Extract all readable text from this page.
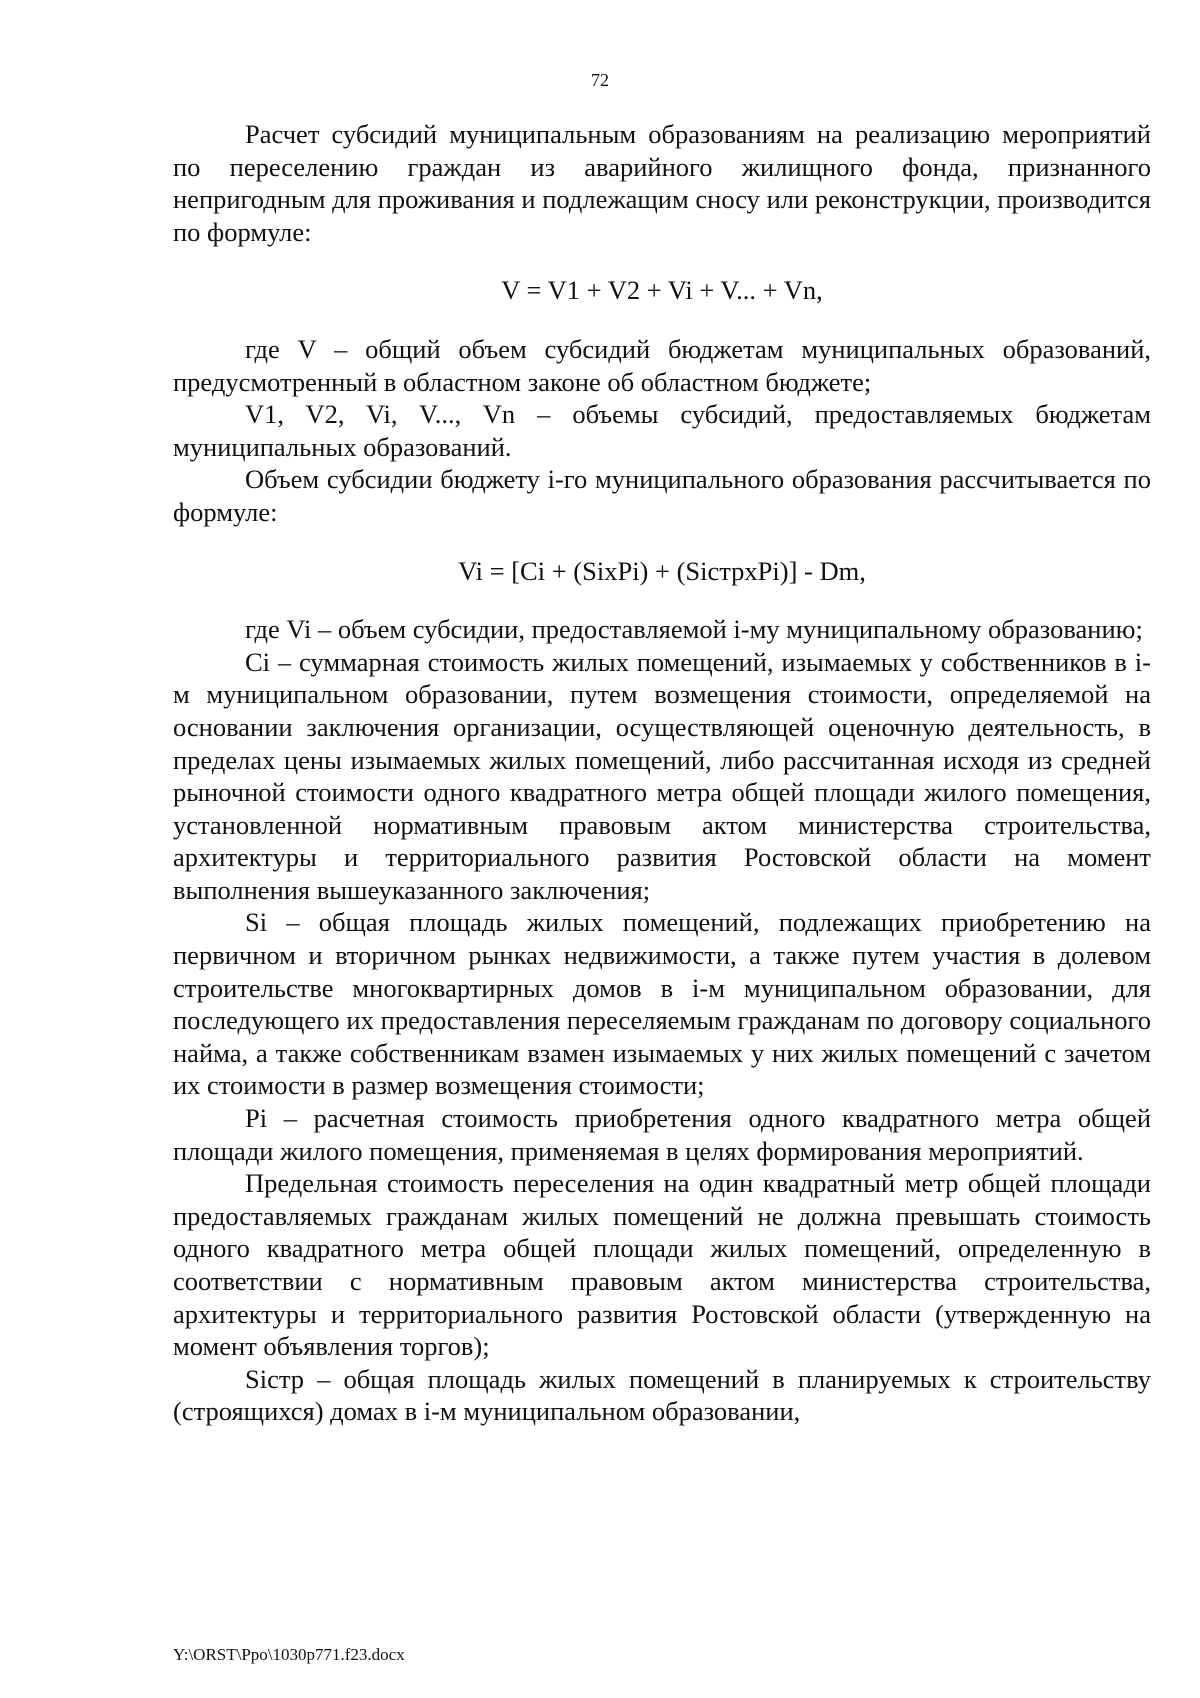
72

Расчет субсидий муниципальным образованиям на реализацию мероприятий по переселению граждан из аварийного жилищного фонда, признанного непригодным для проживания и подлежащим сносу или реконструкции, производится по формуле:

V = V1 + V2 + Vi + V... + Vn,

где V – общий объем субсидий бюджетам муниципальных образований, предусмотренный в областном законе об областном бюджете;

V1, V2, Vi, V..., Vn – объемы субсидий, предоставляемых бюджетам муниципальных образований.

Объем субсидии бюджету i-го муниципального образования рассчитывается по формуле:

Vi = [Ci + (SixPi) + (SiстрxPi)] - Dm,

где Vi – объем субсидии, предоставляемой i-му муниципальному образованию;

Ci – суммарная стоимость жилых помещений, изымаемых у собственников в i-м муниципальном образовании, путем возмещения стоимости, определяемой на основании заключения организации, осуществляющей оценочную деятельность, в пределах цены изымаемых жилых помещений, либо рассчитанная исходя из средней рыночной стоимости одного квадратного метра общей площади жилого помещения, установленной нормативным правовым актом министерства строительства, архитектуры и территориального развития Ростовской области на момент выполнения вышеуказанного заключения;

Si – общая площадь жилых помещений, подлежащих приобретению на первичном и вторичном рынках недвижимости, а также путем участия в долевом строительстве многоквартирных домов в i-м муниципальном образовании, для последующего их предоставления переселяемым гражданам по договору социального найма, а также собственникам взамен изымаемых у них жилых помещений с зачетом их стоимости в размер возмещения стоимости;

Pi – расчетная стоимость приобретения одного квадратного метра общей площади жилого помещения, применяемая в целях формирования мероприятий.

Предельная стоимость переселения на один квадратный метр общей площади предоставляемых гражданам жилых помещений не должна превышать стоимость одного квадратного метра общей площади жилых помещений, определенную в соответствии с нормативным правовым актом министерства строительства, архитектуры и территориального развития Ростовской области (утвержденную на момент объявления торгов);

Siстр – общая площадь жилых помещений в планируемых к строительству (строящихся) домах в i-м муниципальном образовании,

Y:\ORST\Ppo\1030p771.f23.docx
